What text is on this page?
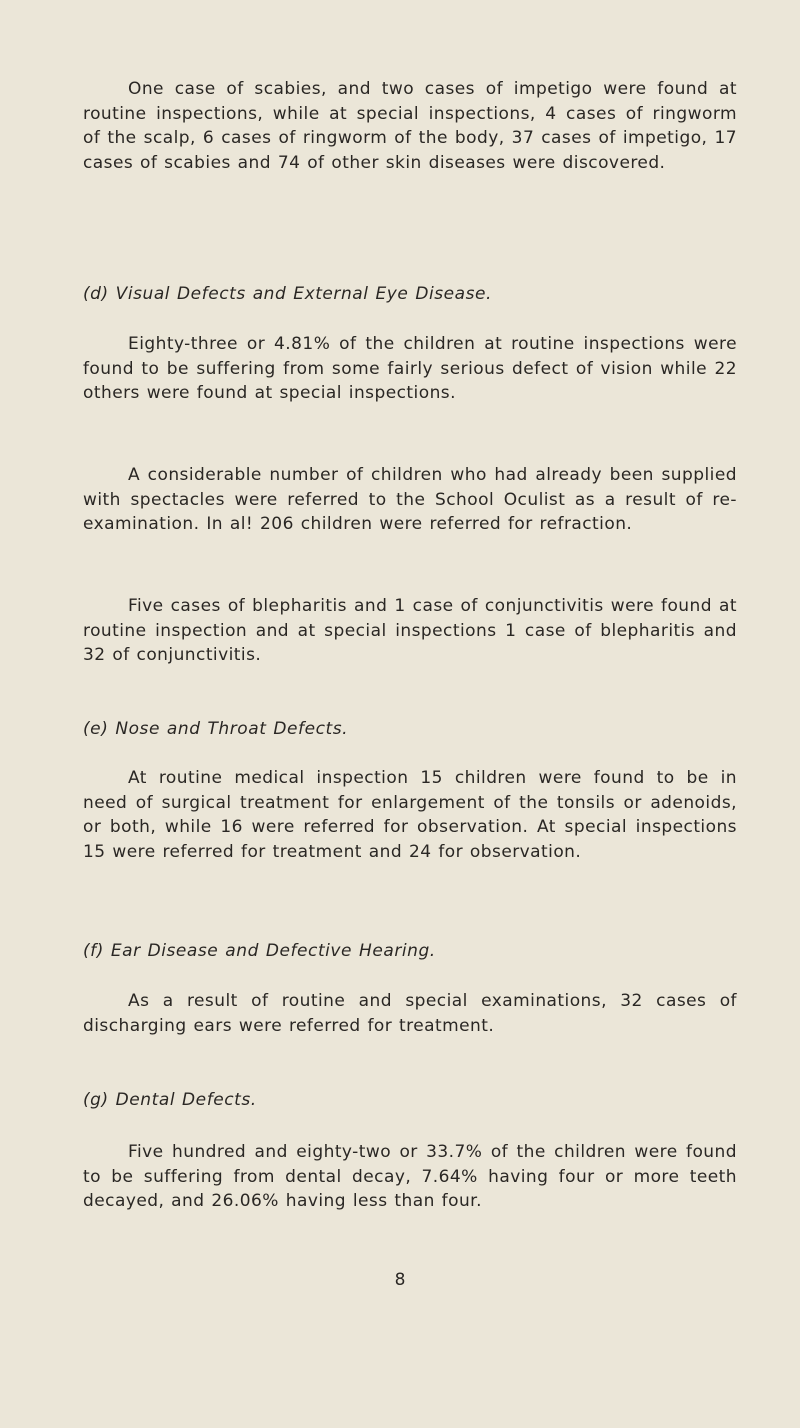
One case of scabies, and two cases of impetigo were found at routine inspections, while at special inspections, 4 cases of ringworm of the scalp, 6 cases of ringworm of the body, 37 cases of impetigo, 17 cases of scabies and 74 of other skin diseases were discovered.

(d) Visual Defects and External Eye Disease.

Eighty-three or 4.81% of the children at routine inspections were found to be suffering from some fairly serious defect of vision while 22 others were found at special inspections.

A considerable number of children who had already been supplied with spectacles were referred to the School Oculist as a result of re-examination. In al! 206 children were referred for refraction.

Five cases of blepharitis and 1 case of conjunctivitis were found at routine inspection and at special inspections 1 case of blepharitis and 32 of conjunctivitis.

(e) Nose and Throat Defects.

At routine medical inspection 15 children were found to be in need of surgical treatment for enlargement of the tonsils or adenoids, or both, while 16 were referred for observation. At special inspections 15 were referred for treatment and 24 for observation.

(f) Ear Disease and Defective Hearing.

As a result of routine and special examinations, 32 cases of discharging ears were referred for treatment.

(g) Dental Defects.

Five hundred and eighty-two or 33.7% of the children were found to be suffering from dental decay, 7.64% having four or more teeth decayed, and 26.06% having less than four.

8
